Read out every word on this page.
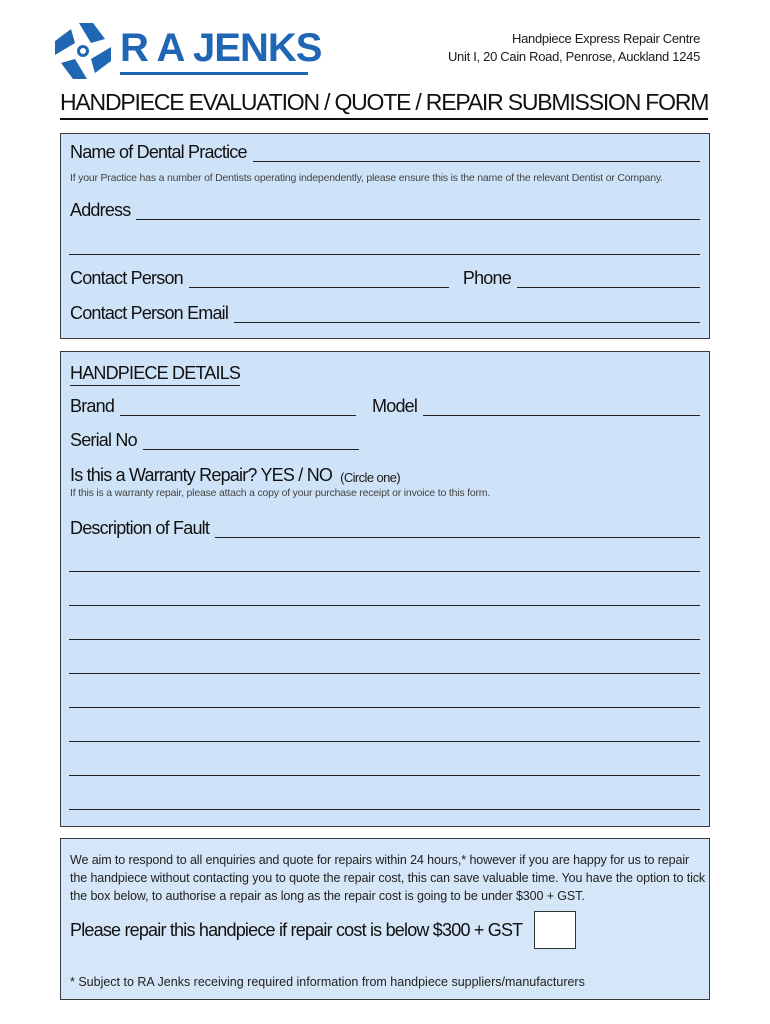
R A JENKS	Handpiece Express Repair Centre
Unit I, 20 Cain Road, Penrose, Auckland 1245
HANDPIECE EVALUATION / QUOTE / REPAIR SUBMISSION FORM
Name of Dental Practice
If your Practice has a number of Dentists operating independently, please ensure this is the name of the relevant Dentist or Company.
Address
Contact Person	Phone
Contact Person Email
HANDPIECE DETAILS
Brand	Model
Serial No
Is this a Warranty Repair? YES / NO (Circle one)
If this is a warranty repair, please attach a copy of your purchase receipt or invoice to this form.
Description of Fault
We aim to respond to all enquiries and quote for repairs within 24 hours,* however if you are happy for us to repair the handpiece without contacting you to quote the repair cost, this can save valuable time. You have the option to tick the box below, to authorise a repair as long as the repair cost is going to be under $300 + GST.
Please repair this handpiece if repair cost is below $300 + GST
* Subject to RA Jenks receiving required information from handpiece suppliers/manufacturers
